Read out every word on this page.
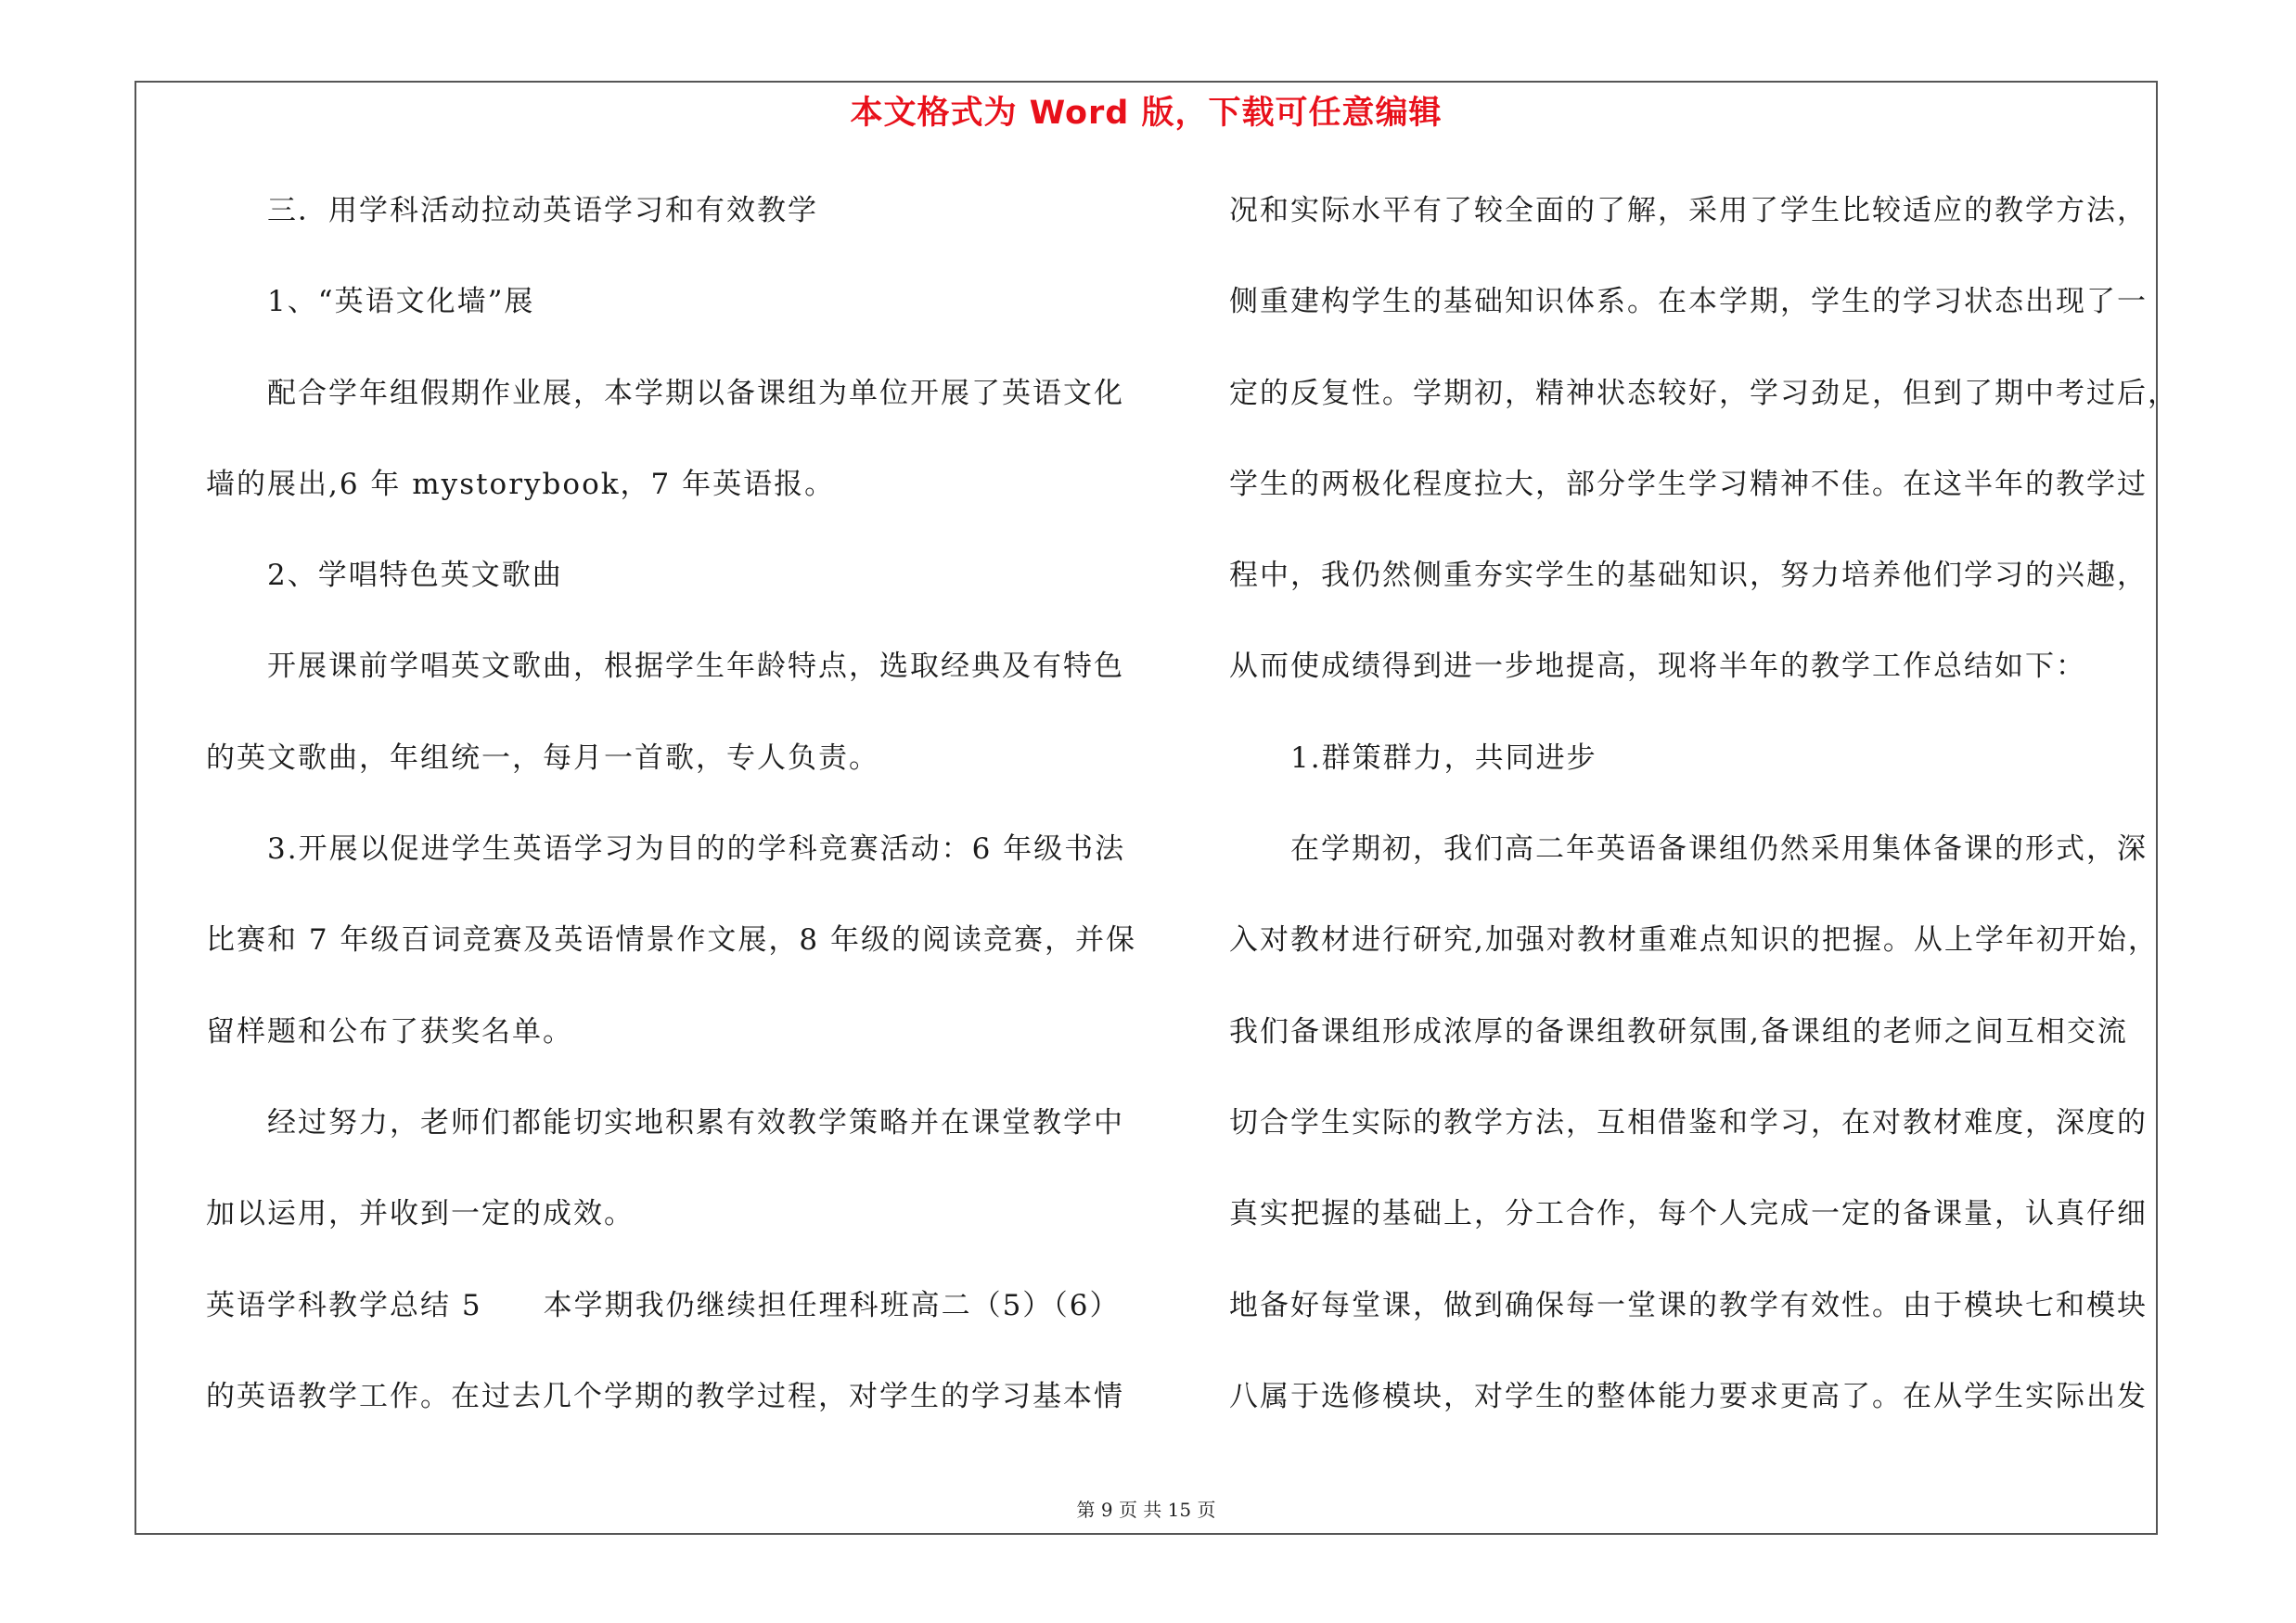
本文格式为 Word 版，下载可任意编辑
三．用学科活动拉动英语学习和有效教学
1、“英语文化墙”展
配合学年组假期作业展，本学期以备课组为单位开展了英语文化
墙的展出,6 年 mystorybook，7 年英语报。
2、学唱特色英文歌曲
开展课前学唱英文歌曲，根据学生年龄特点，选取经典及有特色
的英文歌曲，年组统一，每月一首歌，专人负责。
3.开展以促进学生英语学习为目的的学科竞赛活动：6 年级书法
比赛和 7 年级百词竞赛及英语情景作文展，8 年级的阅读竞赛，并保
留样题和公布了获奖名单。
经过努力，老师们都能切实地积累有效教学策略并在课堂教学中
加以运用，并收到一定的成效。
英语学科教学总结 5　　本学期我仍继续担任理科班高二（5）（6）
的英语教学工作。在过去几个学期的教学过程，对学生的学习基本情
况和实际水平有了较全面的了解，采用了学生比较适应的教学方法，
侧重建构学生的基础知识体系。在本学期，学生的学习状态出现了一
定的反复性。学期初，精神状态较好，学习劲足，但到了期中考过后，
学生的两极化程度拉大，部分学生学习精神不佳。在这半年的教学过
程中，我仍然侧重夯实学生的基础知识，努力培养他们学习的兴趣，
从而使成绩得到进一步地提高，现将半年的教学工作总结如下：
1.群策群力，共同进步
在学期初，我们高二年英语备课组仍然采用集体备课的形式，深
入对教材进行研究,加强对教材重难点知识的把握。从上学年初开始，
我们备课组形成浓厚的备课组教研氛围,备课组的老师之间互相交流
切合学生实际的教学方法，互相借鉴和学习，在对教材难度，深度的
真实把握的基础上，分工合作，每个人完成一定的备课量，认真仔细
地备好每堂课，做到确保每一堂课的教学有效性。由于模块七和模块
八属于选修模块，对学生的整体能力要求更高了。在从学生实际出发
第 9 页 共 15 页
